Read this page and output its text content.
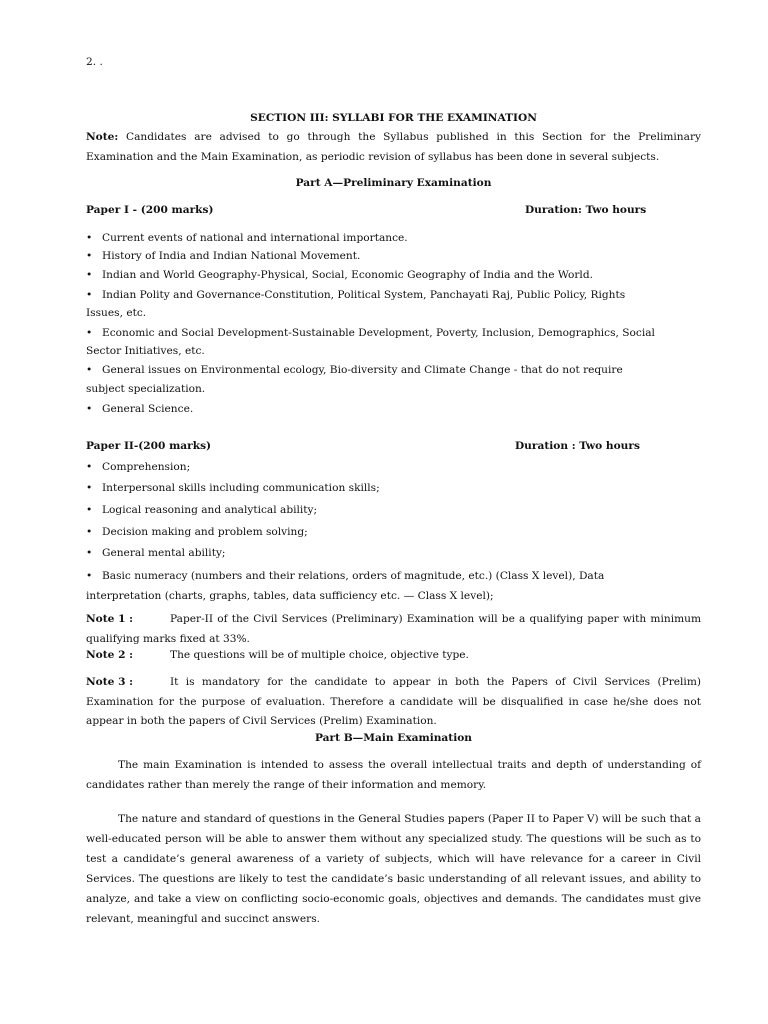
2. .
SECTION III: SYLLABI FOR THE EXAMINATION
Note: Candidates are advised to go through the Syllabus published in this Section for the Preliminary Examination and the Main Examination, as periodic revision of syllabus has been done in several subjects.
Part A—Preliminary Examination
Paper I - (200 marks)	Duration: Two hours
• Current events of national and international importance.
• History of India and Indian National Movement.
• Indian and World Geography-Physical, Social, Economic Geography of India and the World.
• Indian Polity and Governance-Constitution, Political System, Panchayati Raj, Public Policy, Rights
Issues, etc.
• Economic and Social Development-Sustainable Development, Poverty, Inclusion, Demographics, Social
Sector Initiatives, etc.
• General issues on Environmental ecology, Bio-diversity and Climate Change - that do not require
subject specialization.
• General Science.
Paper II-(200 marks)	Duration : Two hours
• Comprehension;
• Interpersonal skills including communication skills;
• Logical reasoning and analytical ability;
• Decision making and problem solving;
• General mental ability;
• Basic numeracy (numbers and their relations, orders of magnitude, etc.) (Class X level), Data
interpretation (charts, graphs, tables, data sufficiency etc. — Class X level);
Note 1 :	Paper-II of the Civil Services (Preliminary) Examination will be a qualifying paper with minimum qualifying marks fixed at 33%.
Note 2 :	The questions will be of multiple choice, objective type.
Note 3 :	It is mandatory for the candidate to appear in both the Papers of Civil Services (Prelim) Examination for the purpose of evaluation. Therefore a candidate will be disqualified in case he/she does not appear in both the papers of Civil Services (Prelim) Examination.
Part B—Main Examination
The main Examination is intended to assess the overall intellectual traits and depth of understanding of candidates rather than merely the range of their information and memory.
The nature and standard of questions in the General Studies papers (Paper II to Paper V) will be such that a well-educated person will be able to answer them without any specialized study. The questions will be such as to test a candidate’s general awareness of a variety of subjects, which will have relevance for a career in Civil Services. The questions are likely to test the candidate’s basic understanding of all relevant issues, and ability to analyze, and take a view on conflicting socio-economic goals, objectives and demands. The candidates must give relevant, meaningful and succinct answers.
